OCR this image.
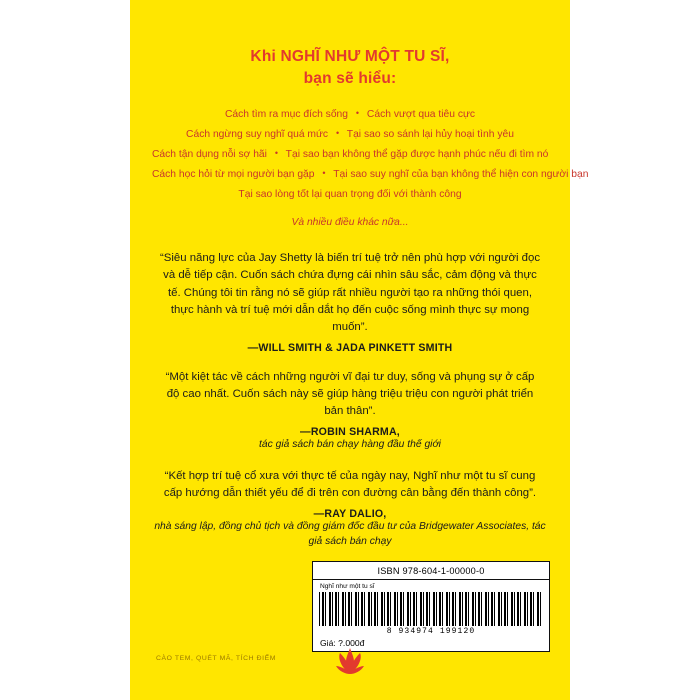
Khi NGHĨ NHƯ MỘT TU SĨ,
bạn sẽ hiểu:
Cách tìm ra mục đích sống • Cách vượt qua tiêu cực
Cách ngừng suy nghĩ quá mức • Tại sao so sánh lại hủy hoại tình yêu
Cách tận dụng nỗi sợ hãi • Tại sao bạn không thể gặp được hạnh phúc nếu đi tìm nó
Cách học hỏi từ mọi người bạn gặp • Tại sao suy nghĩ của bạn không thể hiện con người bạn
Tại sao lòng tốt lại quan trọng đối với thành công
Và nhiều điều khác nữa...

“Siêu năng lực của Jay Shetty là biến trí tuệ trở nên phù hợp với người đọc và dễ tiếp cận. Cuốn sách chứa đựng cái nhìn sâu sắc, cảm động và thực tế. Chúng tôi tin rằng nó sẽ giúp rất nhiều người tạo ra những thói quen, thực hành và trí tuệ mới dẫn dắt họ đến cuộc sống mình thực sự mong muốn”.

—WILL SMITH & JADA PINKETT SMITH

“Một kiệt tác về cách những người vĩ đại tư duy, sống và phụng sự ở cấp độ cao nhất. Cuốn sách này sẽ giúp hàng triệu triệu con người phát triển bản thân”.

—ROBIN SHARMA,
tác giả sách bán chạy hàng đầu thế giới

“Kết hợp trí tuệ cổ xưa với thực tế của ngày nay, Nghĩ như một tu sĩ cung cấp hướng dẫn thiết yếu để đi trên con đường cân bằng đến thành công”.

—RAY DALIO,
nhà sáng lập, đồng chủ tịch và đồng giám đốc đầu tư của Bridgewater Associates, tác giả sách bán chạy
ISBN 978-604-1-00000-0
Nghĩ như một tu sĩ
8 934974 199120
Giá: ?.000đ
CÀO TEM, QUÉT MÃ, TÍCH ĐIỂM
